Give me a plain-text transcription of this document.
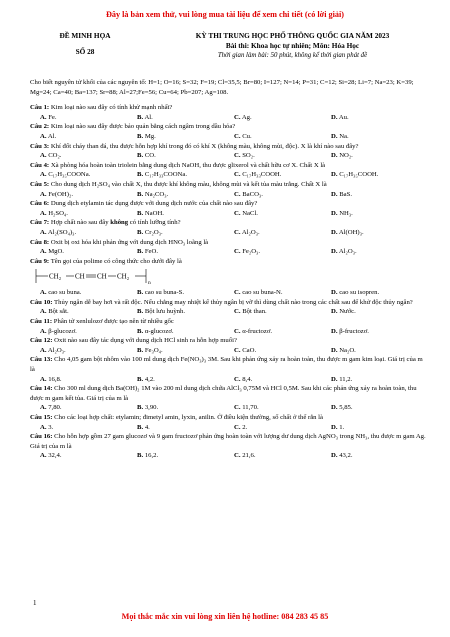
Đây là bản xem thử, vui lòng mua tài liệu để xem chi tiết (có lời giải)
ĐỀ MINH HỌA
SỐ 28
KỲ THI TRUNG HỌC PHỔ THÔNG QUỐC GIA NĂM 2023
Bài thi: Khoa học tự nhiên; Môn: Hóa Học
Thời gian làm bài: 50 phút, không kể thời gian phát đề
Cho biết nguyên tử khối của các nguyên tố: H=1; O=16; S=32; F=19; Cl=35,5; Br=80; I=127; N=14; P=31; C=12; Si=28; Li=7; Na=23; K=39; Mg=24; Ca=40; Ba=137; Sr=88; Al=27;Fe=56; Cu=64; Pb=207; Ag=108.
Câu 1: Kim loại nào sau đây có tính khử mạnh nhất?
A. Fe.	B. Al.	C. Ag.	D. Au.
Câu 2: Kim loại nào sau đây được bảo quản bằng cách ngâm trong dầu hỏa?
A. Al.	B. Mg.	C. Cu.	D. Na.
Câu 3: Khí đốt cháy than đá, thu được hỗn hợp khí trong đó có khí X (không màu, không mùi, độc). X là khí nào sau đây?
A. CO₂.	B. CO.	C. SO₂.	D. NO₂.
Câu 4: Xà phòng hóa hoàn toàn triolein bằng dung dịch NaOH, thu được glixerol và chất hữu cơ X. Chất X là
A. C₁₇H₃₅COONa.	B. C₁₇H₃₃COONa.	C. C₁₇H₃₃COOH.	D. C₁₇H₃₅COOH.
Câu 5: Cho dung dịch H₂SO₄ vào chất X, thu được khí không màu, không mùi và kết tủa màu trắng. Chất X là
A. Fe(OH)₂.	B. Na₂CO₃.	C. BaCO₃.	D. BaS.
Câu 6: Dung dịch etylamin tác dụng được với dung dịch nước của chất nào sau đây?
A. H₂SO₄.	B. NaOH.	C. NaCl.	D. NH₃.
Câu 7: Hợp chất nào sau đây không có tính lưỡng tính?
A. Al₂(SO₄)₃.	B. Cr₂O₃.	C. Al₂O₃.	D. Al(OH)₃.
Câu 8: Oxit bị oxi hóa khi phản ứng với dung dịch HNO₃ loãng là
A. MgO.	B. FeO.	C. Fe₂O₃.	D. Al₂O₃.
Câu 9: Tên gọi của polime có công thức cho dưới đây là
CH₂ CH CH CH₂
n
A. cao su buna.	B. cao su buna-S.	C. cao su buna-N.	D. cao su isopren.
Câu 10: Thủy ngân dễ bay hơi và rất độc. Nếu chẳng may nhiệt kế thủy ngân bị vỡ thì dùng chất nào trong các chất sau để khử độc thủy ngân?
A. Bột sắt.	B. Bột lưu huỳnh.	C. Bột than.	D. Nước.
Câu 11: Phân tử xenlulozơ được tạo nên từ nhiều gốc
A. β-glucozơ.	B. α-glucozơ.	C. α-fructozơ.	D. β-fructozơ.
Câu 12: Oxit nào sau đây tác dụng với dung dịch HCl sinh ra hỗn hợp muối?
A. Al₂O₃.	B. Fe₃O₄.	C. CaO.	D. Na₂O.
Câu 13: Cho 4,05 gam bột nhôm vào 100 ml dung dịch Fe(NO₃)₃ 3M. Sau khi phản ứng xảy ra hoàn toàn, thu được m gam kim loại. Giá trị của m là
A. 16,8.	B. 4,2.	C. 8,4.	D. 11,2.
Câu 14: Cho 300 ml dung dịch Ba(OH)₂ 1M vào 200 ml dung dịch chứa AlCl₃ 0,75M và HCl 0,5M. Sau khi các phản ứng xảy ra hoàn toàn, thu được m gam kết tủa. Giá trị của m là
A. 7,80.	B. 3,90.	C. 11,70.	D. 5,85.
Câu 15: Cho các loại hợp chất: etylamin; đimetyl amin, lyxin, anilin. Ở điều kiện thường, số chất ở thể rắn là
A. 3.	B. 4.	C. 2.	D. 1.
Câu 16: Cho hỗn hợp gồm 27 gam glucozơ và 9 gam fructozơ phản ứng hoàn toàn với lượng dư dung dịch AgNO₃ trong NH₃, thu được m gam Ag. Giá trị của m là
A. 32,4.	B. 16,2.	C. 21,6.	D. 43,2.
1
Mọi thắc mắc xin vui lòng xin liên hệ hotline: 084 283 45 85
